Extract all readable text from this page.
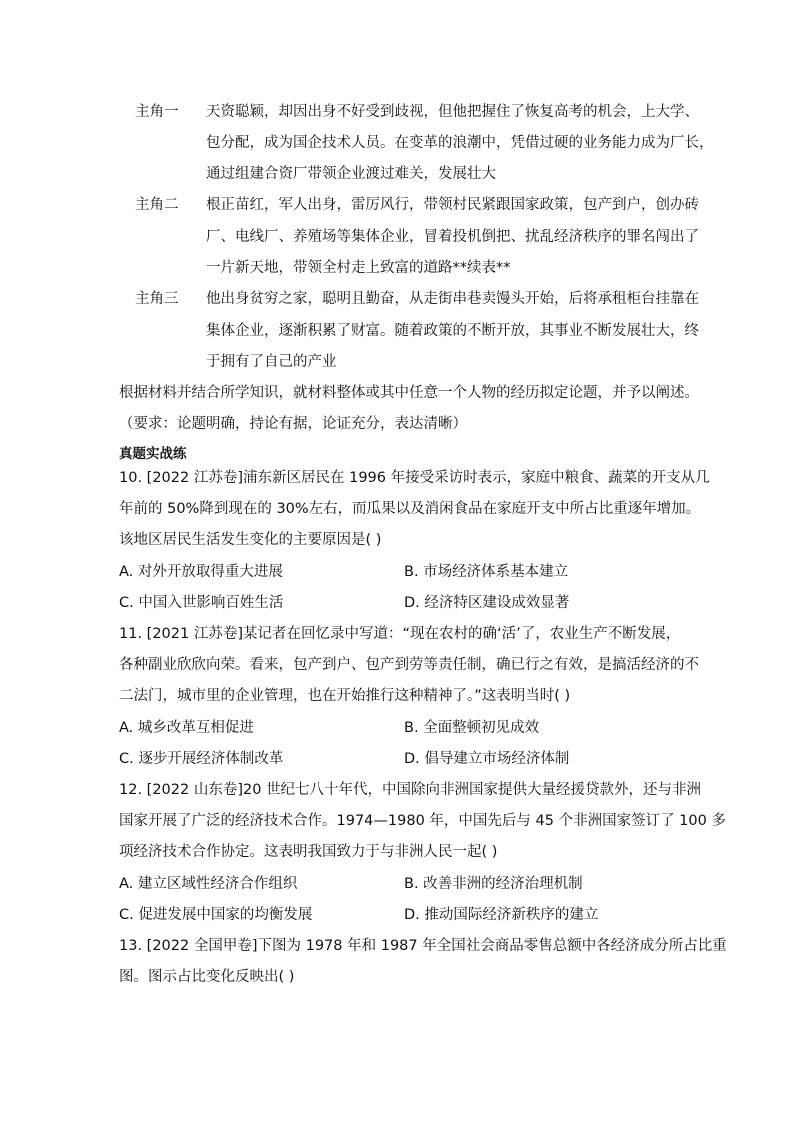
主角一 天资聪颖，却因出身不好受到歧视，但他把握住了恢复高考的机会，上大学、
包分配，成为国企技术人员。在变革的浪潮中，凭借过硬的业务能力成为厂长，
通过组建合资厂带领企业渡过难关，发展壮大
主角二 根正苗红，军人出身，雷厉风行，带领村民紧跟国家政策，包产到户，创办砖
厂、电线厂、养殖场等集体企业，冒着投机倒把、扰乱经济秩序的罪名闯出了
一片新天地，带领全村走上致富的道路**续表**
主角三 他出身贫穷之家，聪明且勤奋，从走街串巷卖馒头开始，后将承租柜台挂靠在
集体企业，逐渐积累了财富。随着政策的不断开放，其事业不断发展壮大，终
于拥有了自己的产业
根据材料并结合所学知识，就材料整体或其中任意一个人物的经历拟定论题，并予以阐述。
（要求：论题明确，持论有据，论证充分，表达清晰）
真题实战练
10. [2022 江苏卷]浦东新区居民在 1996 年接受采访时表示，家庭中粮食、蔬菜的开支从几
年前的 50%降到现在的 30%左右，而瓜果以及消闲食品在家庭开支中所占比重逐年增加。
该地区居民生活发生变化的主要原因是( )
A. 对外开放取得重大进展	B. 市场经济体系基本建立
C. 中国入世影响百姓生活	D. 经济特区建设成效显著
11. [2021 江苏卷]某记者在回忆录中写道：“现在农村的确‘活’了，农业生产不断发展，
各种副业欣欣向荣。看来，包产到户、包产到劳等责任制，确已行之有效，是搞活经济的不
二法门，城市里的企业管理，也在开始推行这种精神了。”这表明当时( )
A. 城乡改革互相促进	B. 全面整顿初见成效
C. 逐步开展经济体制改革	D. 倡导建立市场经济体制
12. [2022 山东卷]20 世纪七八十年代，中国除向非洲国家提供大量经援贷款外，还与非洲
国家开展了广泛的经济技术合作。1974—1980 年，中国先后与 45 个非洲国家签订了 100 多
项经济技术合作协定。这表明我国致力于与非洲人民一起( )
A. 建立区域性经济合作组织	B. 改善非洲的经济治理机制
C. 促进发展中国家的均衡发展	D. 推动国际经济新秩序的建立
13. [2022 全国甲卷]下图为 1978 年和 1987 年全国社会商品零售总额中各经济成分所占比重
图。图示占比变化反映出( )
